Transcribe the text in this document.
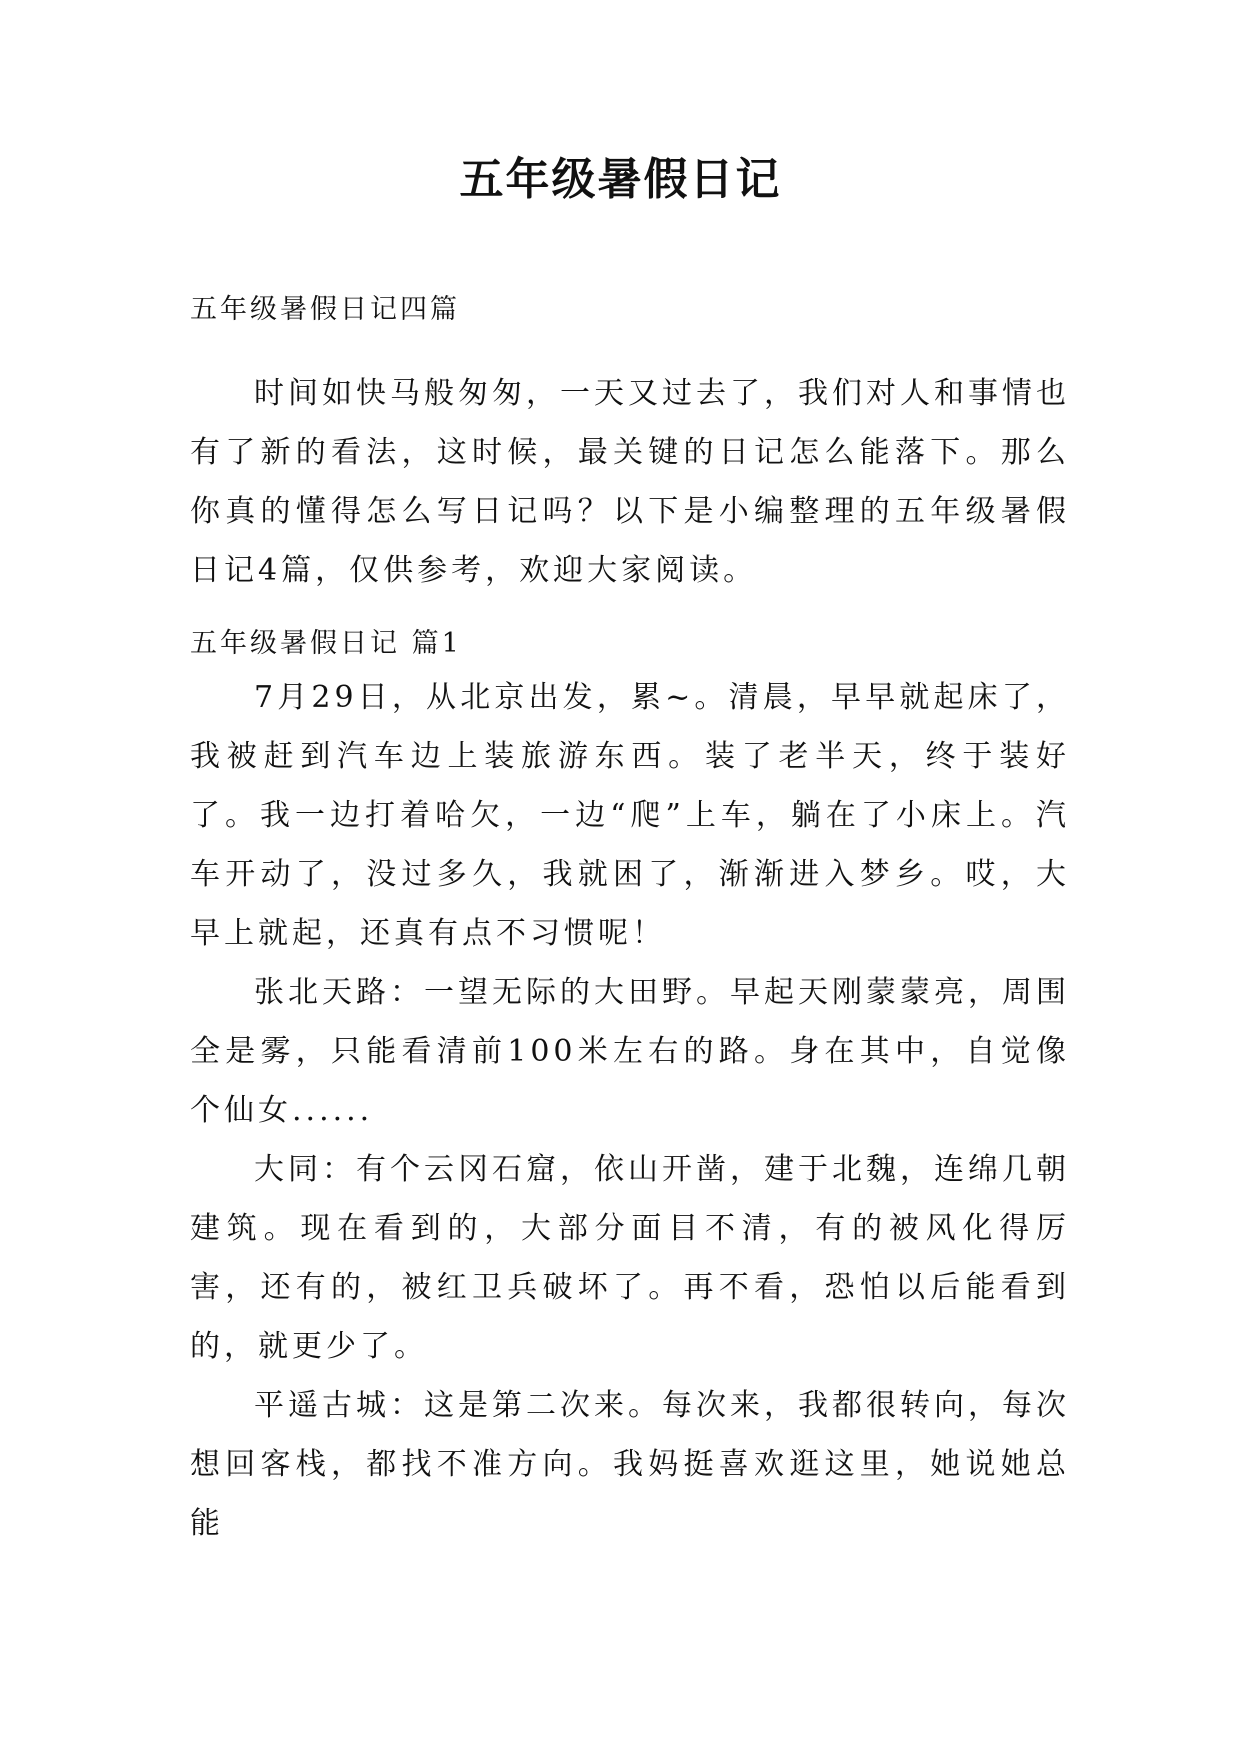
五年级暑假日记
五年级暑假日记四篇

时间如快马般匆匆，一天又过去了，我们对人和事情也有了新的看法，这时候，最关键的日记怎么能落下。那么你真的懂得怎么写日记吗？以下是小编整理的五年级暑假日记4篇，仅供参考，欢迎大家阅读。

五年级暑假日记 篇1

7月29日，从北京出发，累~。清晨，早早就起床了，我被赶到汽车边上装旅游东西。装了老半天，终于装好了。我一边打着哈欠，一边“爬”上车，躺在了小床上。汽车开动了，没过多久，我就困了，渐渐进入梦乡。哎，大早上就起，还真有点不习惯呢！

张北天路：一望无际的大田野。早起天刚蒙蒙亮，周围全是雾，只能看清前100米左右的路。身在其中，自觉像个仙女......

大同：有个云冈石窟，依山开凿，建于北魏，连绵几朝建筑。现在看到的，大部分面目不清，有的被风化得厉害，还有的，被红卫兵破坏了。再不看，恐怕以后能看到的，就更少了。

平遥古城：这是第二次来。每次来，我都很转向，每次想回客栈，都找不准方向。我妈挺喜欢逛这里，她说她总能
